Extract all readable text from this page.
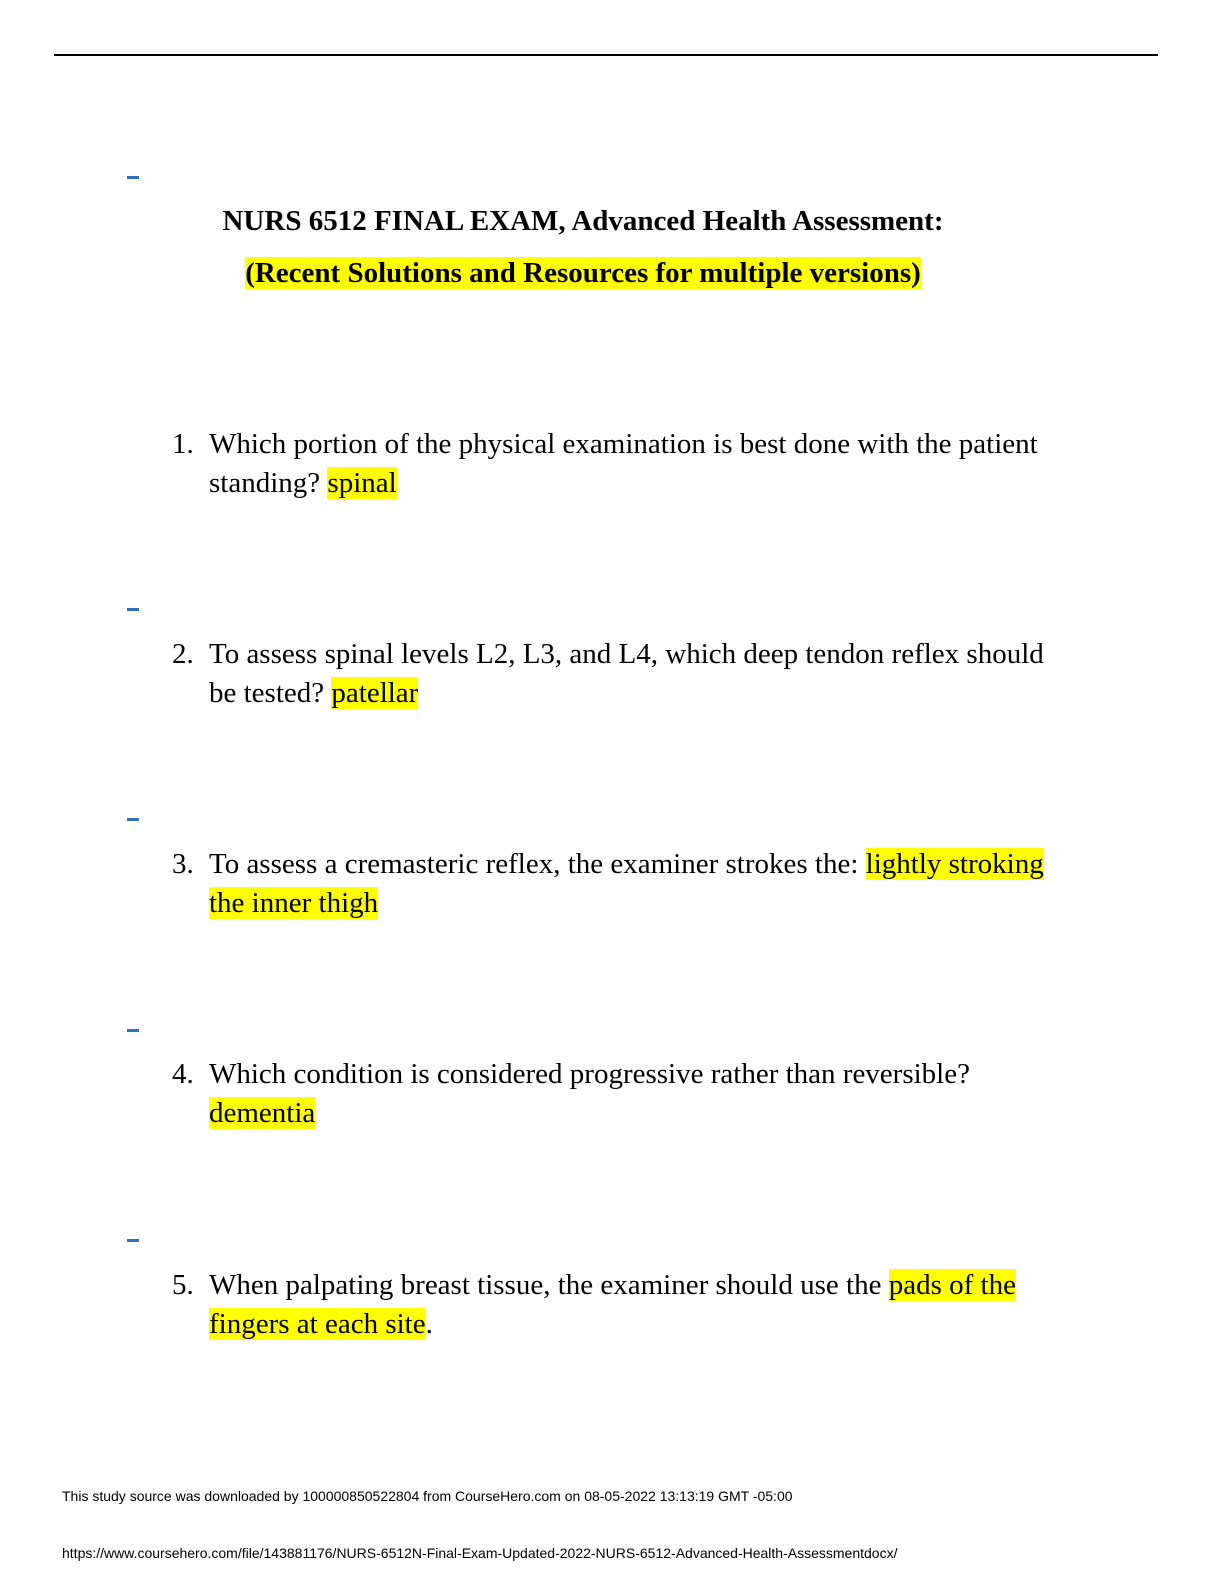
NURS 6512 FINAL EXAM, Advanced Health Assessment:
(Recent Solutions and Resources for multiple versions)
1. Which portion of the physical examination is best done with the patient standing? spinal
2. To assess spinal levels L2, L3, and L4, which deep tendon reflex should be tested? patellar
3. To assess a cremasteric reflex, the examiner strokes the: lightly stroking the inner thigh
4. Which condition is considered progressive rather than reversible? dementia
5. When palpating breast tissue, the examiner should use the pads of the fingers at each site.
This study source was downloaded by 100000850522804 from CourseHero.com on 08-05-2022 13:13:19 GMT -05:00
https://www.coursehero.com/file/143881176/NURS-6512N-Final-Exam-Updated-2022-NURS-6512-Advanced-Health-Assessmentdocx/
